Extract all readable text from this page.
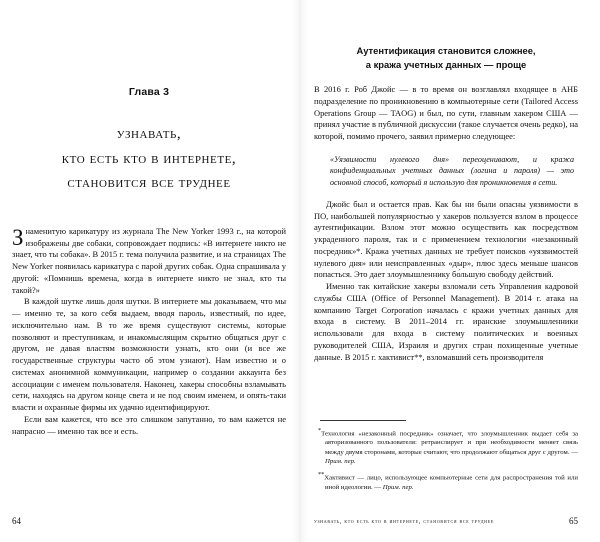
Глава 3
узнавать,
кто есть кто в интернете,
становится все труднее

Знаменитую карикатуру из журнала The New Yorker 1993 г., на которой изображены две собаки, сопровождает подпись: «В интернете никто не знает, что ты собака». В 2015 г. тема получила развитие, и на страницах The New Yorker появилась карикатура с парой других собак. Одна спрашивала у другой: «Помнишь времена, когда в интернете никто не знал, кто ты такой?»

В каждой шутке лишь доля шутки. В интернете мы доказываем, что мы — именно те, за кого себя выдаем, вводя пароль, известный, по идее, исключительно нам. В то же время существуют системы, которые позволяют и преступникам, и инакомыслящим скрытно общаться друг с другом, не давая властям возможности узнать, кто они (и все же государственные структуры часто об этом узнают). Нам известно и о системах анонимной коммуникации, например о создании аккаунта без ассоциации с именем пользователя. Наконец, хакеры способны взламывать сети, находясь на другом конце света и не под своим именем, и опять-таки власти и охранные фирмы их удачно идентифицируют.

Если вам кажется, что все это слишком запутанно, то вам кажется не напрасно — именно так все и есть.

64
Аутентификация становится сложнее,
а кража учетных данных — проще

В 2016 г. Роб Джойс — в то время он возглавлял входящее в АНБ подразделение по проникновению в компьютерные сети (Tailored Access Operations Group — TAOG) и был, по сути, главным хакером США — принял участие в публичной дискуссии (такое случается очень редко), на которой, помимо прочего, заявил примерно следующее:

«Уязвимости нулевого дня» переоценивают, и кража конфиденциальных учетных данных (логина и пароля) — это основной способ, который я использую для проникновения в сети.

Джойс был и остается прав. Как бы ни были опасны уязвимости в ПО, наибольшей популярностью у хакеров пользуется взлом в процессе аутентификации. Взлом этот можно осуществить как посредством украденного пароля, так и с применением технологии «незаконный посредник»*. Кража учетных данных не требует поисков «уязвимостей нулевого дня» или неисправленных «дыр», плюс здесь меньше шансов попасться. Это дает злоумышленнику бо́льшую свободу действий.

Именно так китайские хакеры взломали сеть Управления кадровой службы США (Office of Personnel Management). В 2014 г. атака на компанию Target Corporation началась с кражи учетных данных для входа в систему. В 2011–2014 гг. иранские злоумышленники использовали для входа в систему политических и военных руководителей США, Израиля и других стран похищенные учетные данные. В 2015 г. хактивист**, взломавший сеть производителя

*Технология «незаконный посредник» означает, что злоумышленник выдает себя за авторизованного пользователя: ретранслирует и при необходимости меняет связь между двумя сторонами, которые считают, что продолжают общаться друг с другом. — Прим. пер.

**Хактивист — лицо, использующее компьютерные сети для распространения той или иной идеологии. — Прим. пер.

узнавать, кто есть кто в интернете, становится все труднее	65
